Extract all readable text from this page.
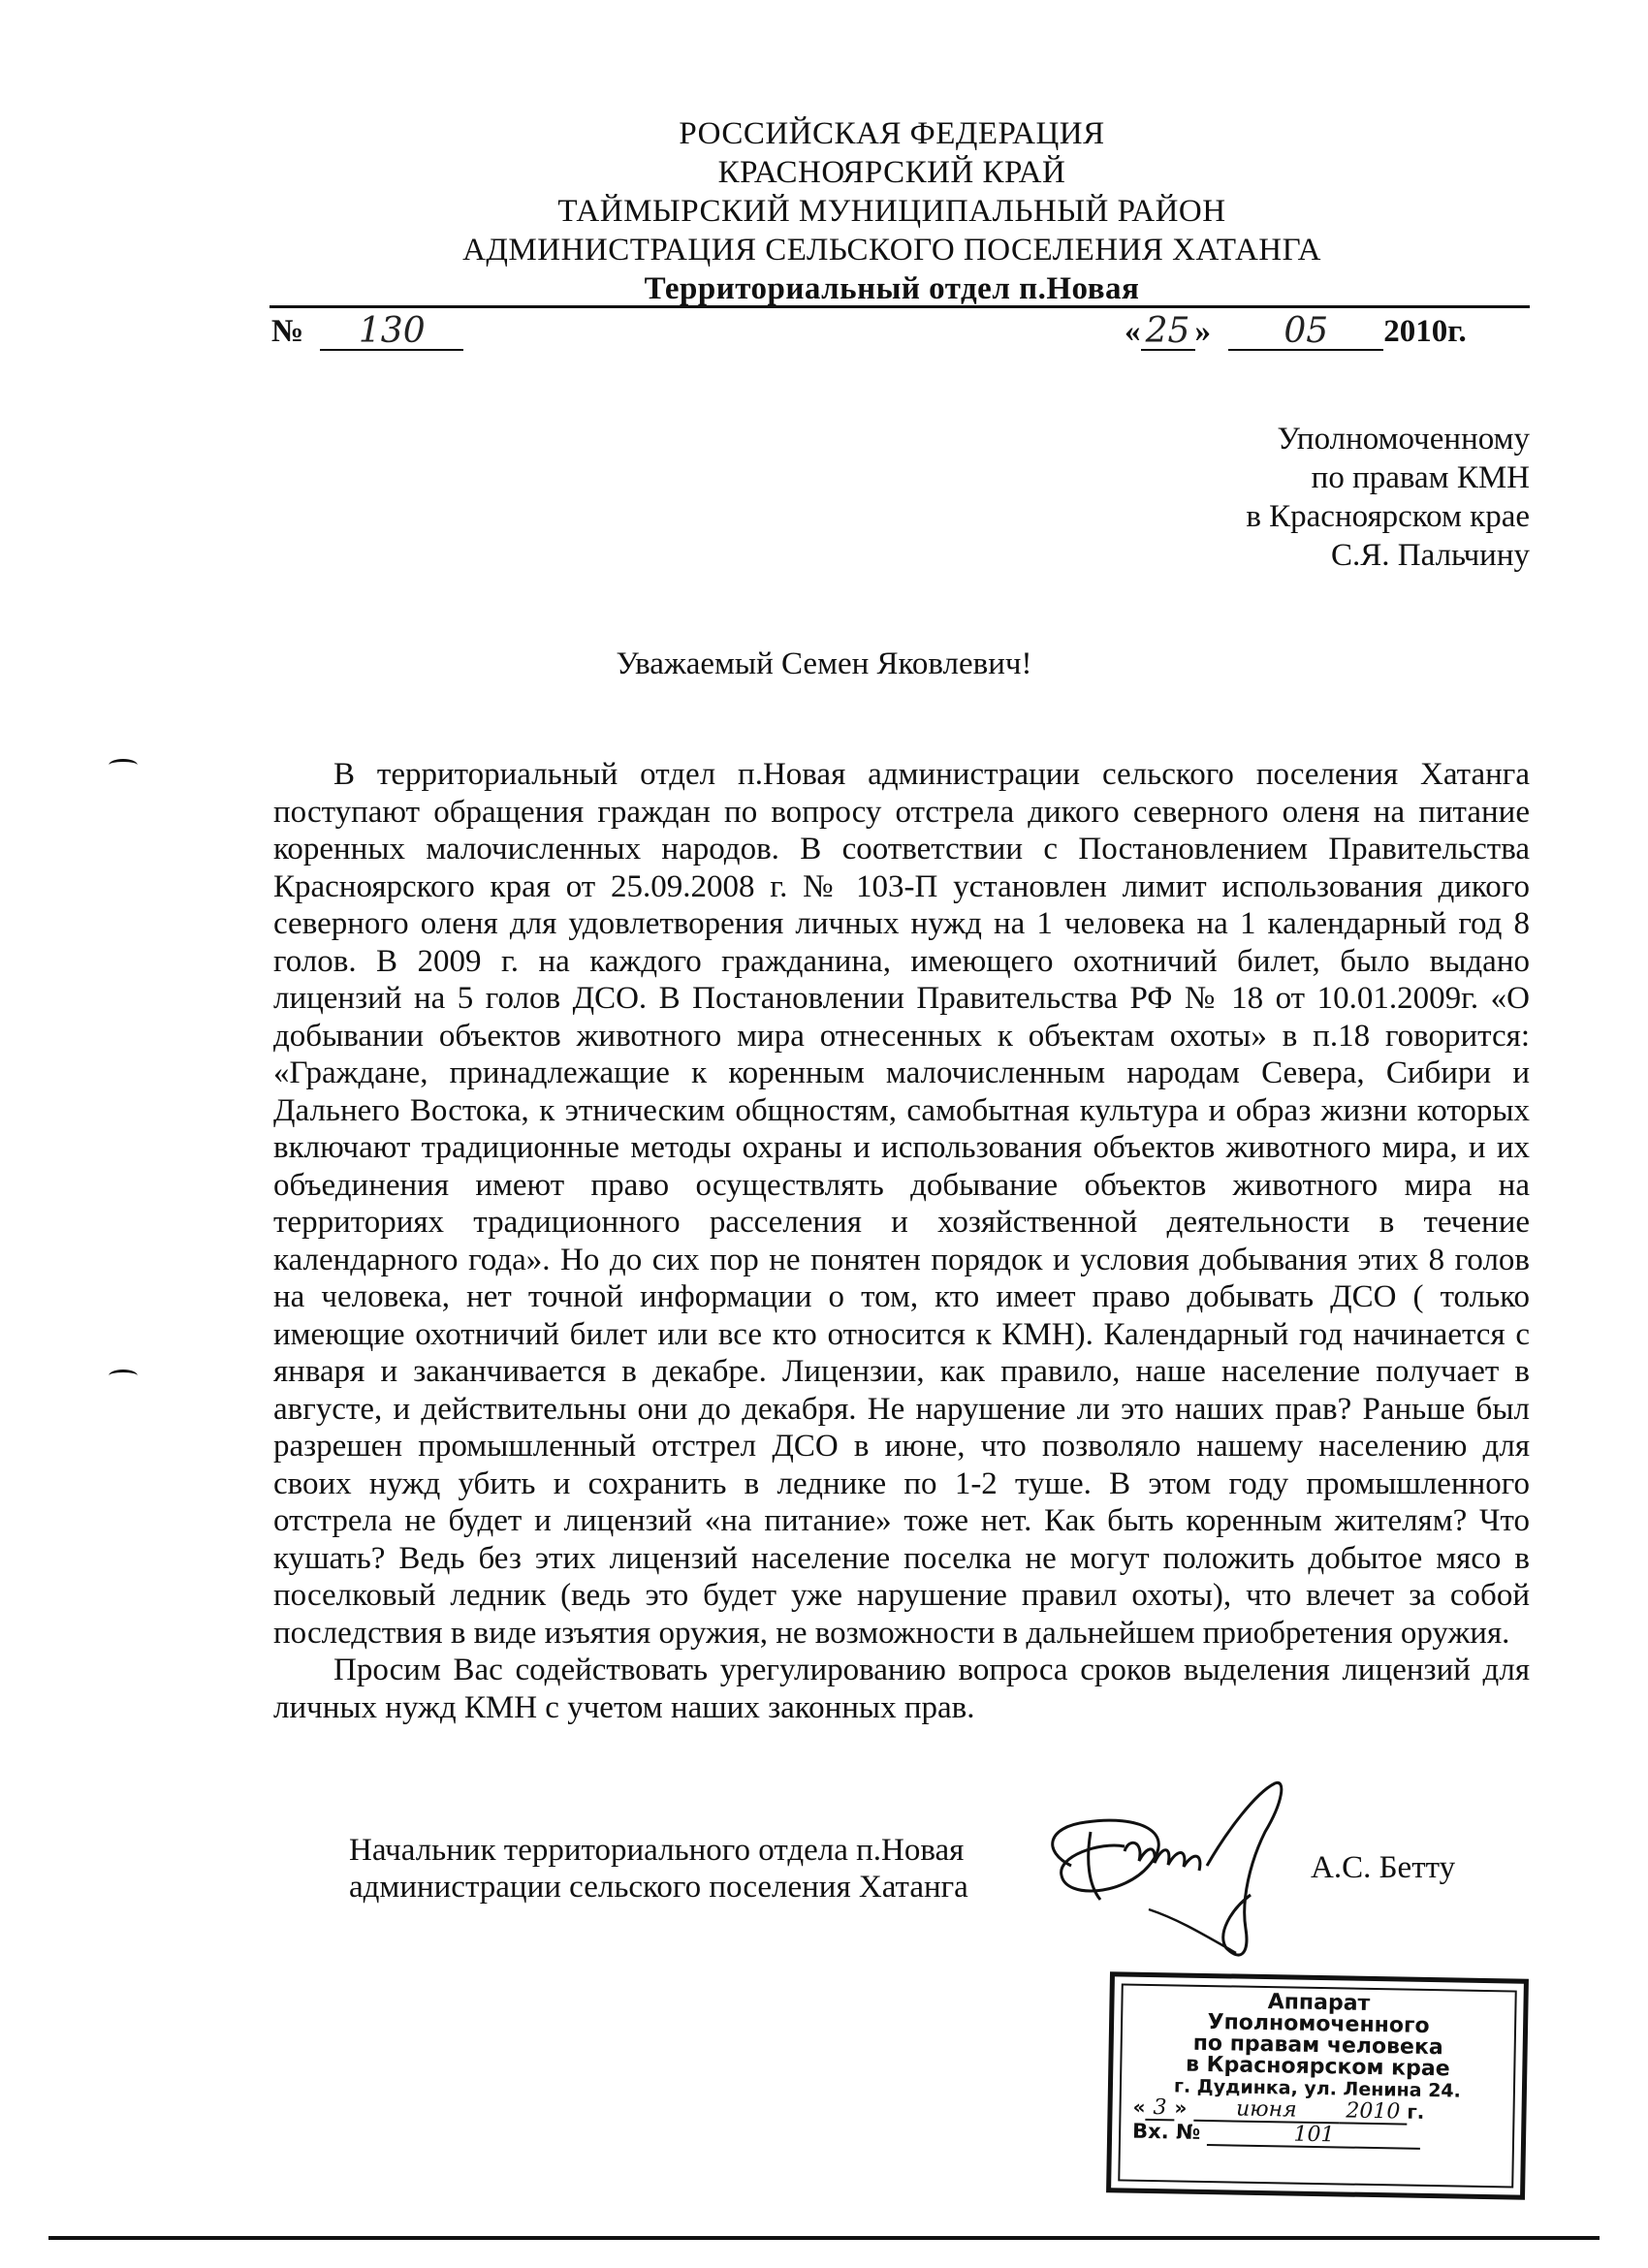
РОССИЙСКАЯ ФЕДЕРАЦИЯ
КРАСНОЯРСКИЙ КРАЙ
ТАЙМЫРСКИЙ МУНИЦИПАЛЬНЫЙ РАЙОН
АДМИНИСТРАЦИЯ СЕЛЬСКОГО ПОСЕЛЕНИЯ ХАТАНГА
Территориальный отдел п.Новая
№ 130	« 25 » 05 2010г.
Уполномоченному
по правам КМН
в Красноярском крае
С.Я. Пальчину
Уважаемый Семен Яковлевич!

В территориальный отдел п.Новая администрации сельского поселения Хатанга поступают обращения граждан по вопросу отстрела дикого северного оленя на питание коренных малочисленных народов. В соответствии с Постановлением Правительства Красноярского края от 25.09.2008 г. № 103-П установлен лимит использования дикого северного оленя для удовлетворения личных нужд на 1 человека на 1 календарный год 8 голов. В 2009 г. на каждого гражданина, имеющего охотничий билет, было выдано лицензий на 5 голов ДСО. В Постановлении Правительства РФ № 18 от 10.01.2009г. «О добывании объектов животного мира отнесенных к объектам охоты» в п.18 говорится: «Граждане, принадлежащие к коренным малочисленным народам Севера, Сибири и Дальнего Востока, к этническим общностям, самобытная культура и образ жизни которых включают традиционные методы охраны и использования объектов животного мира, и их объединения имеют право осуществлять добывание объектов животного мира на территориях традиционного расселения и хозяйственной деятельности в течение календарного года». Но до сих пор не понятен порядок и условия добывания этих 8 голов на человека, нет точной информации о том, кто имеет право добывать ДСО ( только имеющие охотничий билет или все кто относится к КМН). Календарный год начинается с января и заканчивается в декабре. Лицензии, как правило, наше население получает в августе, и действительны они до декабря. Не нарушение ли это наших прав? Раньше был разрешен промышленный отстрел ДСО в июне, что позволяло нашему населению для своих нужд убить и сохранить в леднике по 1-2 туше. В этом году промышленного отстрела не будет и лицензий «на питание» тоже нет. Как быть коренным жителям? Что кушать? Ведь без этих лицензий население поселка не могут положить добытое мясо в поселковый ледник (ведь это будет уже нарушение правил охоты), что влечет за собой последствия в виде изъятия оружия, не возможности в дальнейшем приобретения оружия.

Просим Вас содействовать урегулированию вопроса сроков выделения лицензий для личных нужд КМН с учетом наших законных прав.

Начальник территориального отдела п.Новая
администрации сельского поселения Хатанга
А.С. Бетту
Аппарат
Уполномоченного
по правам человека
в Красноярском крае
г. Дудинка, ул. Ленина 24.
« 3 » июня 2010 г.
Вх. №	101
